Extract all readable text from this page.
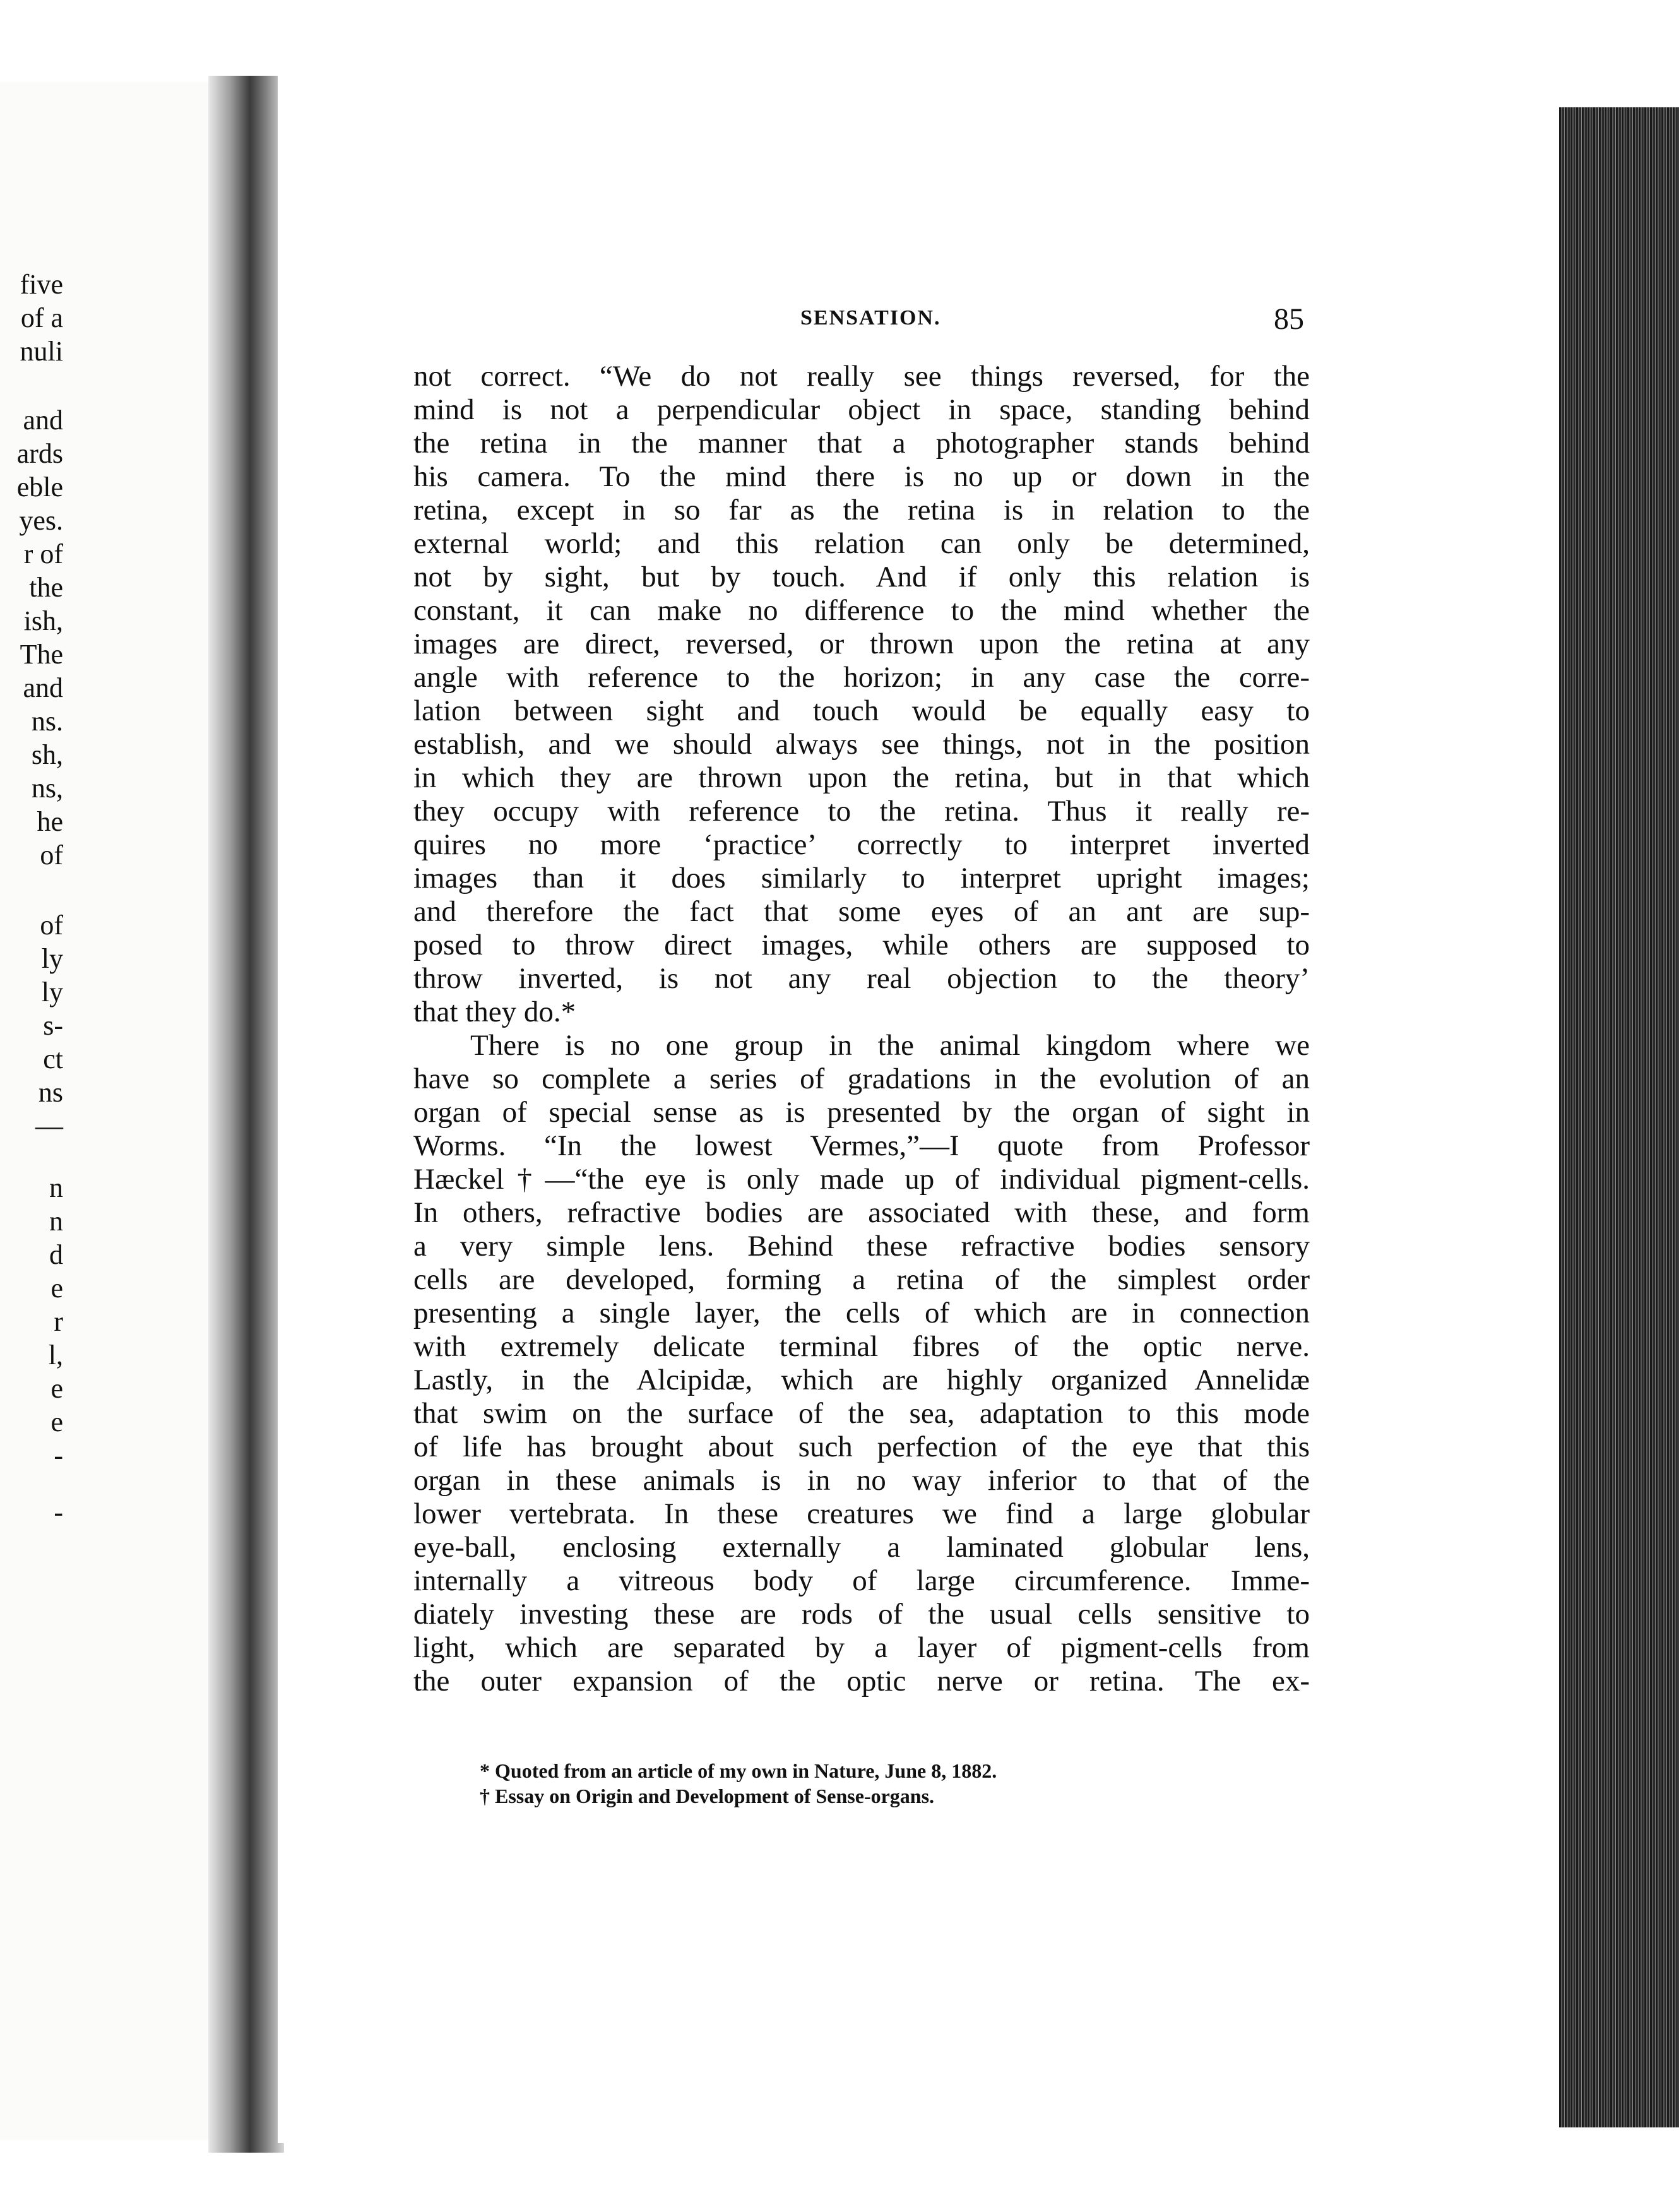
five
of a
nuli
and
ards
eble
yes.
r of
the
ish,
The
and
ns.
sh,
ns,
he
of
of
ly
ly
s-
ct
ns
—
n
n
d
e
r
l,
e
e
-
-
SENSATION.	85
not correct. “We do not really see things reversed, for the
mind is not a perpendicular object in space, standing behind
the retina in the manner that a photographer stands behind
his camera. To the mind there is no up or down in the
retina, except in so far as the retina is in relation to the
external world; and this relation can only be determined,
not by sight, but by touch. And if only this relation is
constant, it can make no difference to the mind whether the
images are direct, reversed, or thrown upon the retina at any
angle with reference to the horizon; in any case the corre-
lation between sight and touch would be equally easy to
establish, and we should always see things, not in the position
in which they are thrown upon the retina, but in that which
they occupy with reference to the retina. Thus it really re-
quires no more ‘practice’ correctly to interpret inverted
images than it does similarly to interpret upright images;
and therefore the fact that some eyes of an ant are sup-
posed to throw direct images, while others are supposed to
throw inverted, is not any real objection to the theory’
that they do.*
There is no one group in the animal kingdom where we
have so complete a series of gradations in the evolution of an
organ of special sense as is presented by the organ of sight in
Worms. “In the lowest Vermes,”—I quote from Professor
Hæckel†—“the eye is only made up of individual pigment-cells.
In others, refractive bodies are associated with these, and form
a very simple lens. Behind these refractive bodies sensory
cells are developed, forming a retina of the simplest order
presenting a single layer, the cells of which are in connection
with extremely delicate terminal fibres of the optic nerve.
Lastly, in the Alcipidæ, which are highly organized Annelidæ
that swim on the surface of the sea, adaptation to this mode
of life has brought about such perfection of the eye that this
organ in these animals is in no way inferior to that of the
lower vertebrata. In these creatures we find a large globular
eye-ball, enclosing externally a laminated globular lens,
internally a vitreous body of large circumference. Imme-
diately investing these are rods of the usual cells sensitive to
light, which are separated by a layer of pigment-cells from
the outer expansion of the optic nerve or retina. The ex-
* Quoted from an article of my own in Nature, June 8, 1882.
† Essay on Origin and Development of Sense-organs.
